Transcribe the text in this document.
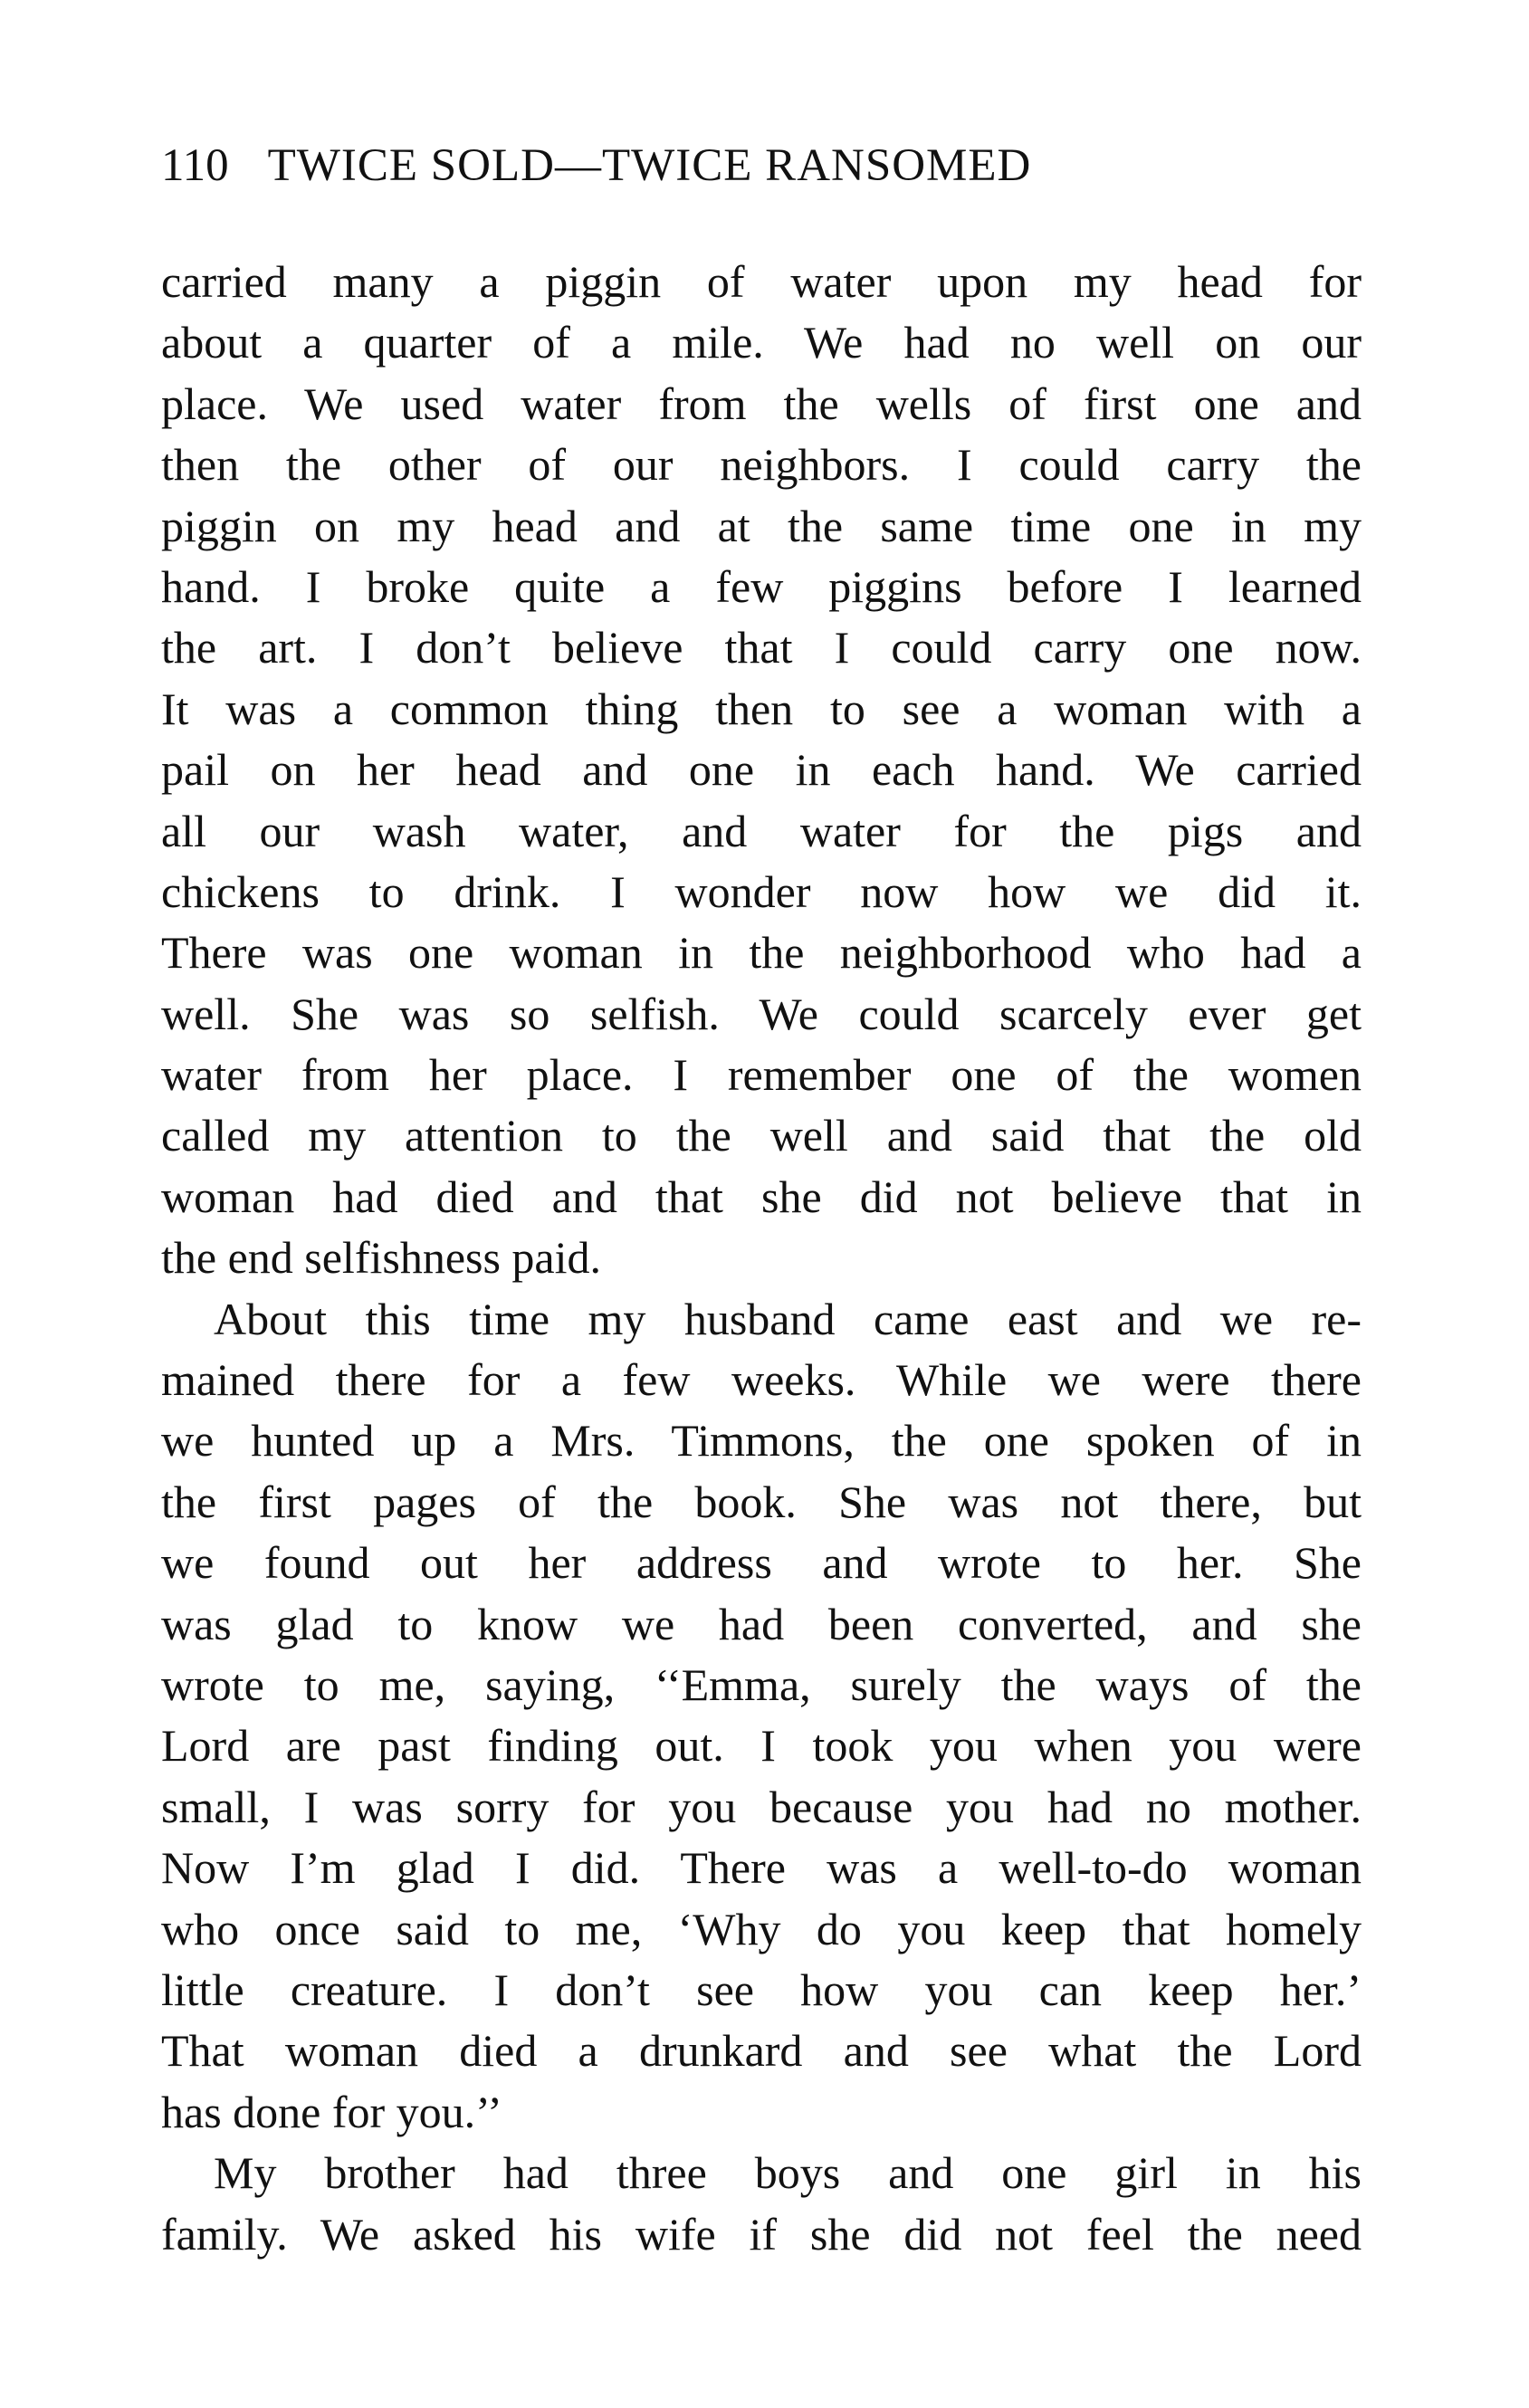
110 TWICE SOLD—TWICE RANSOMED

carried many a piggin of water upon my head for
about a quarter of a mile. We had no well on our
place. We used water from the wells of first one and
then the other of our neighbors. I could carry the
piggin on my head and at the same time one in my
hand. I broke quite a few piggins before I learned
the art. I don’t believe that I could carry one now.
It was a common thing then to see a woman with a
pail on her head and one in each hand. We carried
all our wash water, and water for the pigs and
chickens to drink. I wonder now how we did it.
There was one woman in the neighborhood who had a
well. She was so selfish. We could scarcely ever get
water from her place. I remember one of the women
called my attention to the well and said that the old
woman had died and that she did not believe that in
the end selfishness paid.

About this time my husband came east and we re-
mained there for a few weeks. While we were there
we hunted up a Mrs. Timmons, the one spoken of in
the first pages of the book. She was not there, but
we found out her address and wrote to her. She
was glad to know we had been converted, and she
wrote to me, saying, ‘‘Emma, surely the ways of the
Lord are past finding out. I took you when you were
small, I was sorry for you because you had no mother.
Now I’m glad I did. There was a well-to-do woman
who once said to me, ‘Why do you keep that homely
little creature. I don’t see how you can keep her.’
That woman died a drunkard and see what the Lord
has done for you.’’

My brother had three boys and one girl in his
family. We asked his wife if she did not feel the need
